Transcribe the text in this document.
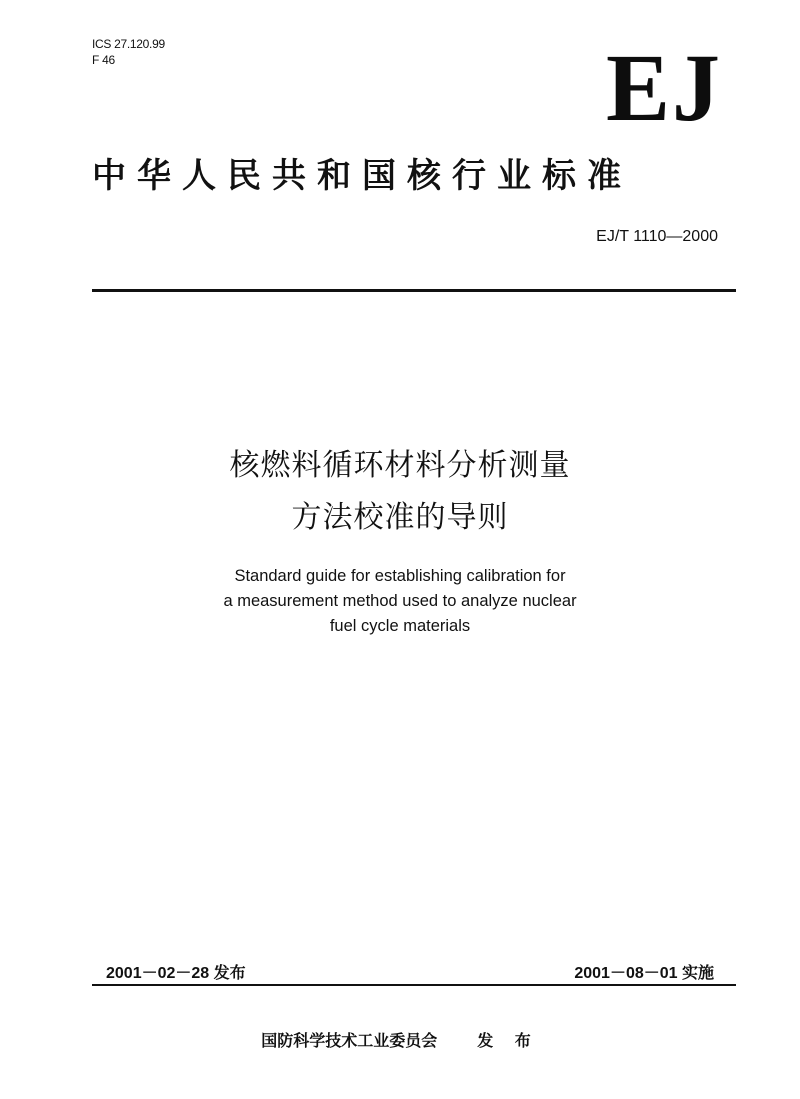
ICS 27.120.99
F 46	EJ
中华人民共和国核行业标准
EJ/T 1110—2000
核燃料循环材料分析测量
方法校准的导则
Standard guide for establishing calibration for
a measurement method used to analyze nuclear
fuel cycle materials
2001－02－28 发布	2001－08－01 实施
国防科学技术工业委员会	发 布
